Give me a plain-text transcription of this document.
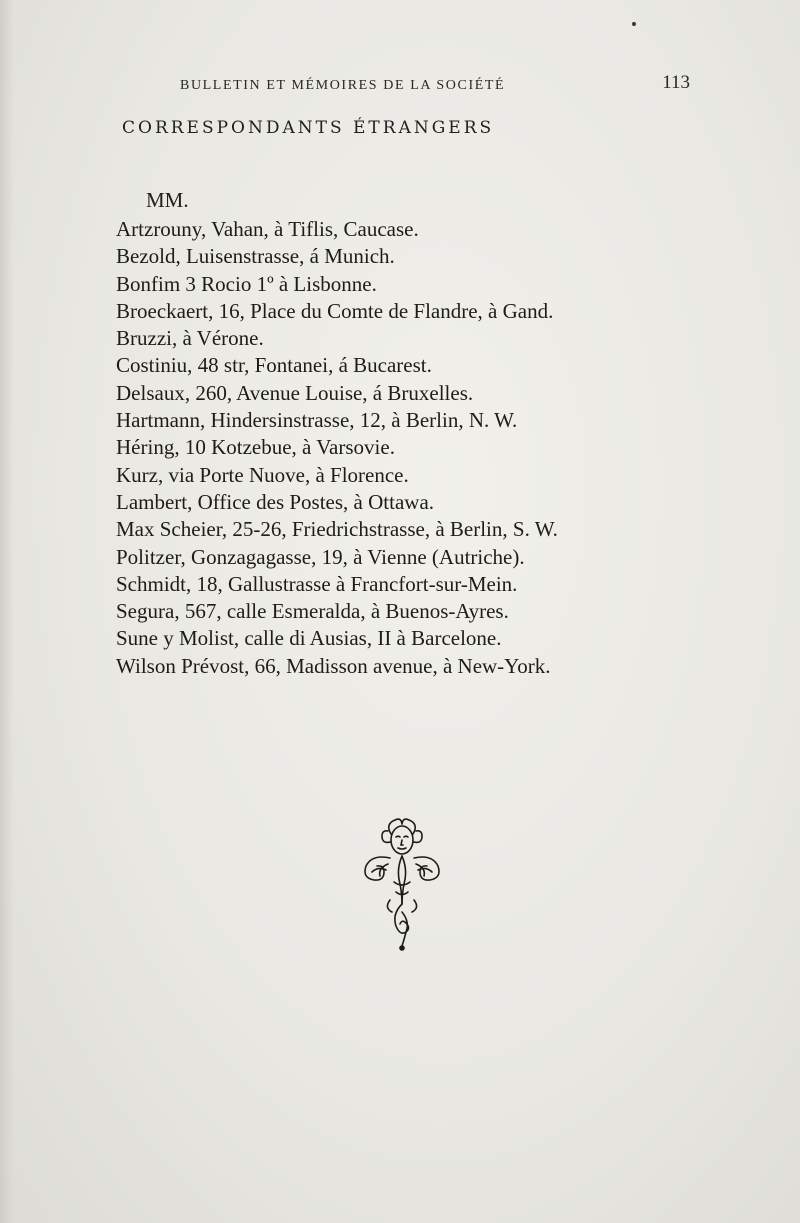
BULLETIN ET MÉMOIRES DE LA SOCIÉTÉ	113
CORRESPONDANTS ÉTRANGERS
MM.
Artzrouny, Vahan, à Tiflis, Caucase.
Bezold, Luisenstrasse, á Munich.
Bonfim 3 Rocio 1º à Lisbonne.
Broeckaert, 16, Place du Comte de Flandre, à Gand.
Bruzzi, à Vérone.
Costiniu, 48 str, Fontanei, á Bucarest.
Delsaux, 260, Avenue Louise, á Bruxelles.
Hartmann, Hindersinstrasse, 12, à Berlin, N. W.
Héring, 10 Kotzebue, à Varsovie.
Kurz, via Porte Nuove, à Florence.
Lambert, Office des Postes, à Ottawa.
Max Scheier, 25-26, Friedrichstrasse, à Berlin, S. W.
Politzer, Gonzagagasse, 19, à Vienne (Autriche).
Schmidt, 18, Gallustrasse à Francfort-sur-Mein.
Segura, 567, calle Esmeralda, à Buenos-Ayres.
Sune y Molist, calle di Ausias, II à Barcelone.
Wilson Prévost, 66, Madisson avenue, à New-York.
